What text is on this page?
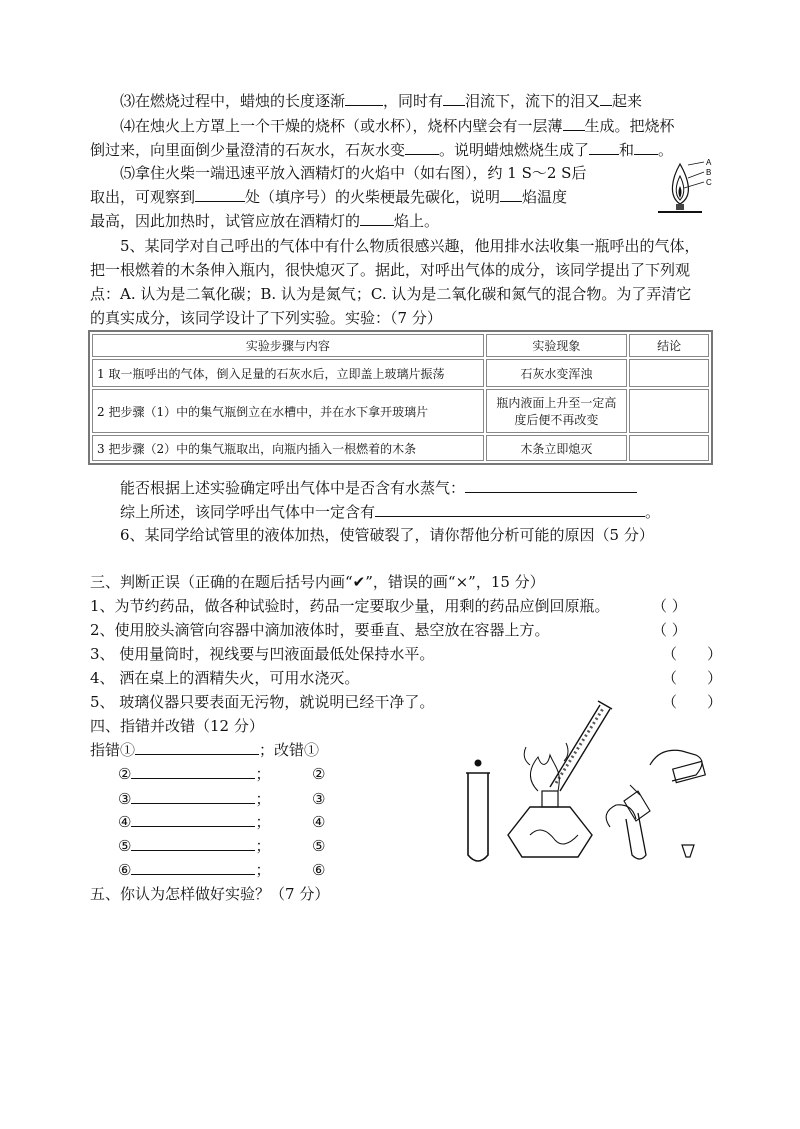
⑶在燃烧过程中，蜡烛的长度逐渐	，同时有 泪流下，流下的泪又 起来
⑷在烛火上方罩上一个干燥的烧杯（或水杯），烧杯内壁会有一层薄 生成。把烧杯
倒过来，向里面倒少量澄清的石灰水，石灰水变 。说明蜡烛燃烧生成了 和 。
⑸拿住火柴一端迅速平放入酒精灯的火焰中（如右图），约 1 S～2 S后
取出，可观察到	处（填序号）的火柴梗最先碳化，说明 焰温度
最高，因此加热时，试管应放在酒精灯的 焰上。
A
B
C
5、某同学对自己呼出的气体中有什么物质很感兴趣，他用排水法收集一瓶呼出的气体，
把一根燃着的木条伸入瓶内，很快熄灭了。据此，对呼出气体的成分，该同学提出了下列观
点：A. 认为是二氧化碳；B. 认为是氮气；C. 认为是二氧化碳和氮气的混合物。为了弄清它
的真实成分，该同学设计了下列实验。实验：（7 分）
实验步骤与内容	实验现象	结论
1 取一瓶呼出的气体，倒入足量的石灰水后，立即盖上玻璃片振荡	石灰水变浑浊	
2 把步骤（1）中的集气瓶倒立在水槽中，并在水下拿开玻璃片	瓶内液面上升至一定高度后便不再改变	
3 把步骤（2）中的集气瓶取出，向瓶内插入一根燃着的木条	木条立即熄灭	
能否根据上述实验确定呼出气体中是否含有水蒸气：
综上所述，该同学呼出气体中一定含有	。
6、某同学给试管里的液体加热，使管破裂了，请你帮他分析可能的原因（5 分）
三、判断正误（正确的在题后括号内画“✔”，错误的画“×”，15 分）
1、为节约药品，做各种试验时，药品一定要取少量，用剩的药品应倒回原瓶。	（ ）
2、使用胶头滴管向容器中滴加液体时，要垂直、悬空放在容器上方。	（ ）
3、 使用量筒时，视线要与凹液面最低处保持水平。	（　　）
4、 洒在桌上的酒精失火，可用水浇灭。	（　　）
5、 玻璃仪器只要表面无污物，就说明已经干净了。	（　　）
四、指错并改错（12 分）
指错①	；改错①
②	；	②
③	；	③
④	；	④
⑤	；	⑤
⑥	；	⑥
五、你认为怎样做好实验？（7 分）
